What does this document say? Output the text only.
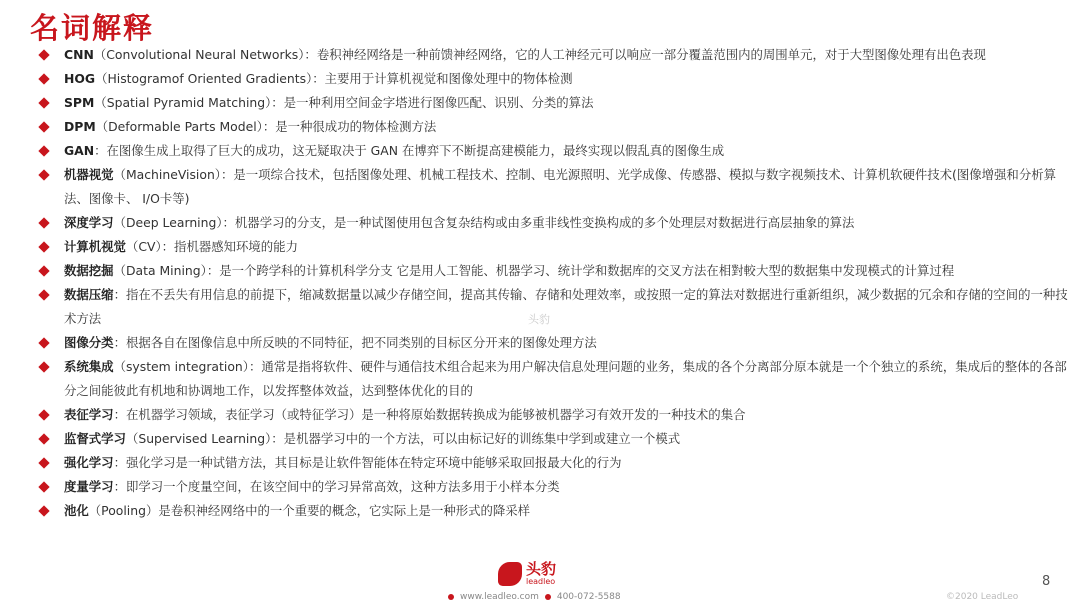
名词解释
CNN（Convolutional Neural Networks）：卷积神经网络是一种前馈神经网络，它的人工神经元可以响应一部分覆盖范围内的周围单元，对于大型图像处理有出色表现
HOG（Histogramof Oriented Gradients）：主要用于计算机视觉和图像处理中的物体检测
SPM（Spatial Pyramid Matching）：是一种利用空间金字塔进行图像匹配、识别、分类的算法
DPM（Deformable Parts Model）：是一种很成功的物体检测方法
GAN：在图像生成上取得了巨大的成功，这无疑取决于 GAN 在博弈下不断提高建模能力，最终实现以假乱真的图像生成
机器视觉（MachineVision）：是一项综合技术，包括图像处理、机械工程技术、控制、电光源照明、光学成像、传感器、模拟与数字视频技术、计算机软硬件技术(图像增强和分析算法、图像卡、 I/O卡等)
深度学习（Deep Learning）：机器学习的分支，是一种试图使用包含复杂结构或由多重非线性变换构成的多个处理层对数据进行高层抽象的算法
计算机视觉（CV）：指机器感知环境的能力
数据挖掘（Data Mining）：是一个跨学科的计算机科学分支 它是用人工智能、机器学习、统计学和数据库的交叉方法在相對較大型的数据集中发现模式的计算过程
数据压缩：指在不丢失有用信息的前提下，缩减数据量以减少存储空间，提高其传输、存储和处理效率，或按照一定的算法对数据进行重新组织，减少数据的冗余和存储的空间的一种技术方法
图像分类：根据各自在图像信息中所反映的不同特征，把不同类别的目标区分开来的图像处理方法
系统集成（system integration）：通常是指将软件、硬件与通信技术组合起来为用户解决信息处理问题的业务，集成的各个分离部分原本就是一个个独立的系统，集成后的整体的各部分之间能彼此有机地和协调地工作，以发挥整体效益，达到整体优化的目的
表征学习：在机器学习领域，表征学习（或特征学习）是一种将原始数据转换成为能够被机器学习有效开发的一种技术的集合
监督式学习（Supervised Learning）：是机器学习中的一个方法，可以由标记好的训练集中学到或建立一个模式
强化学习：强化学习是一种试错方法，其目标是让软件智能体在特定环境中能够采取回报最大化的行为
度量学习：即学习一个度量空间，在该空间中的学习异常高效，这种方法多用于小样本分类
池化（Pooling）是卷积神经网络中的一个重要的概念，它实际上是一种形式的降采样
头豹
头豹
leadleo
www.leadleo.com 400-072-5588	©2020 LeadLeo
8
